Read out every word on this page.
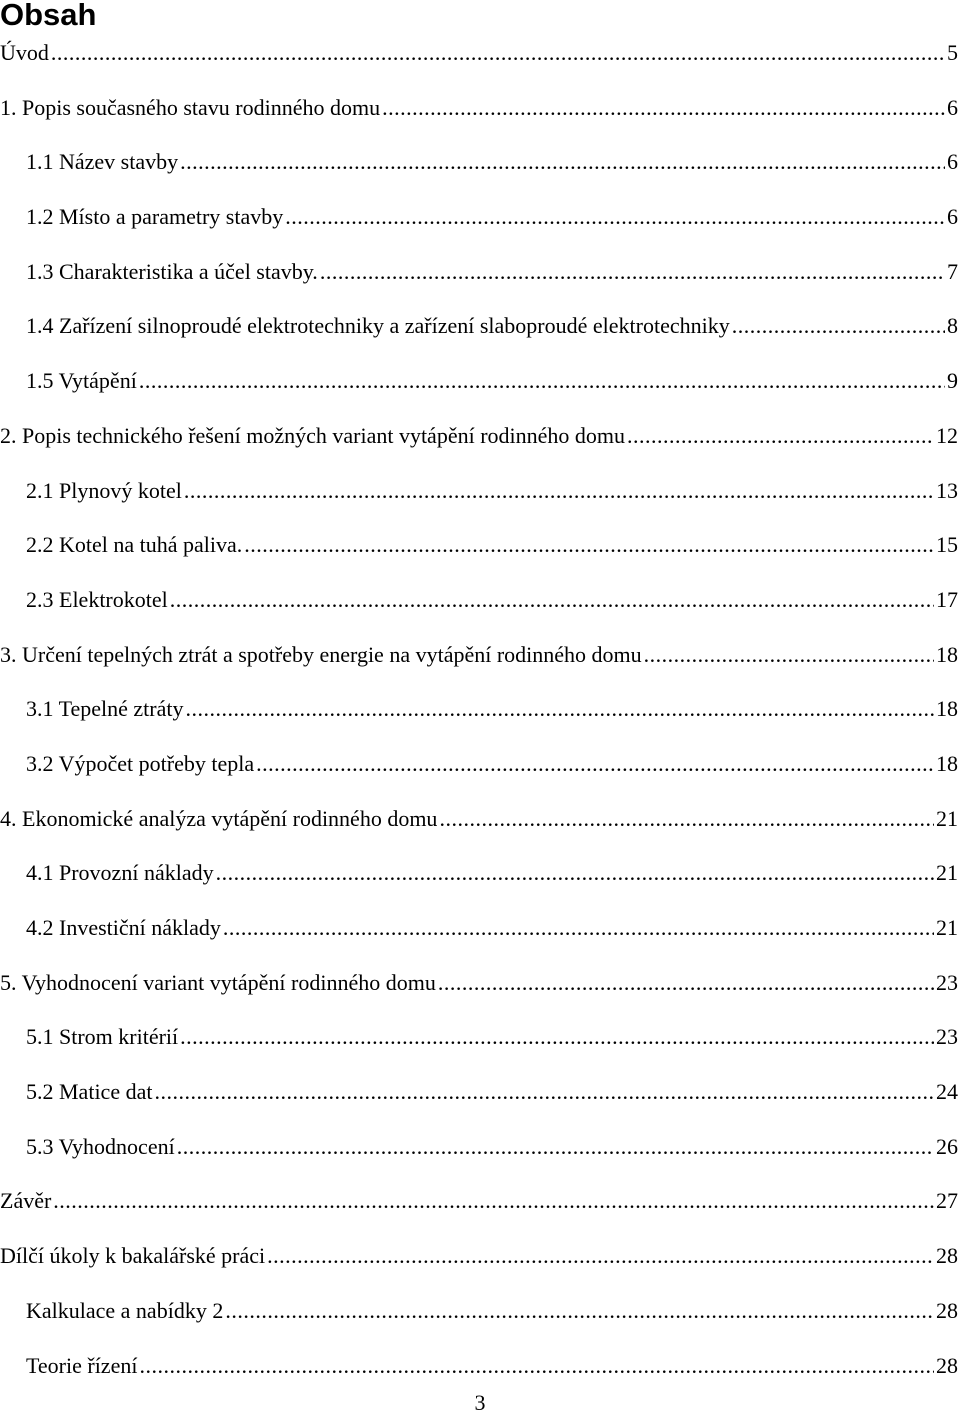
Obsah
Úvod .....	5
1. Popis současného stavu rodinného domu .....	6
1.1 Název stavby .....	6
1.2 Místo a parametry stavby .....	6
1.3 Charakteristika a účel stavby. .....	7
1.4 Zařízení silnoproudé elektrotechniky a zařízení slaboproudé elektrotechniky .....	8
1.5 Vytápění .....	9
2. Popis technického řešení možných variant vytápění rodinného domu .....	12
2.1 Plynový kotel .....	13
2.2 Kotel na tuhá paliva. .....	15
2.3 Elektrokotel .....	17
3. Určení tepelných ztrát a spotřeby energie na vytápění rodinného domu .....	18
3.1 Tepelné ztráty .....	18
3.2 Výpočet potřeby tepla .....	18
4. Ekonomické analýza vytápění rodinného domu .....	21
4.1 Provozní náklady .....	21
4.2 Investiční náklady .....	21
5. Vyhodnocení variant vytápění rodinného domu .....	23
5.1 Strom kritérií .....	23
5.2 Matice dat .....	24
5.3 Vyhodnocení .....	26
Závěr .....	27
Dílčí úkoly k bakalářské práci .....	28
Kalkulace a nabídky 2 .....	28
Teorie řízení .....	28
3
